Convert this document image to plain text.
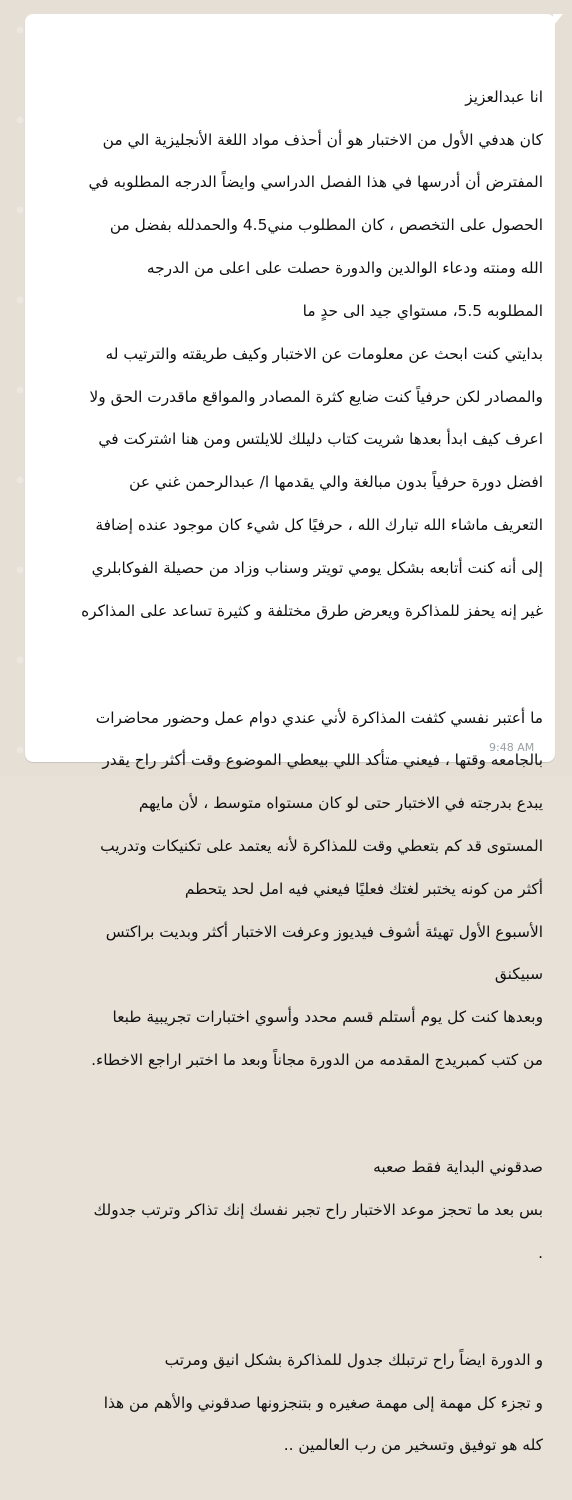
انا عبدالعزيز

كان هدفي الأول من الاختبار هو أن أحذف مواد اللغة الأنجليزية الي من

المفترض أن أدرسها في هذا الفصل الدراسي وايضاً الدرجه المطلوبه في

الحصول على التخصص ، كان المطلوب مني4.5 والحمدلله بفضل من

الله ومنته ودعاء الوالدين والدورة حصلت على اعلى من الدرجه

المطلوبه 5.5، مستواي جيد الى حدٍ ما

بدايتي كنت ابحث عن معلومات عن الاختبار وكيف طريقته والترتيب له

والمصادر لكن حرفياً كنت ضايع كثرة المصادر والمواقع ماقدرت الحق ولا

اعرف كيف ابدأ بعدها شريت كتاب دليلك للايلتس ومن هنا اشتركت في

افضل دورة حرفياً بدون مبالغة والي يقدمها ا/ عبدالرحمن غني عن

التعريف ماشاء الله تبارك الله ، حرفيًا كل شيء كان موجود عنده إضافة

إلى أنه كنت أتابعه بشكل يومي تويتر وسناب وزاد من حصيلة الفوكابلري

غير إنه يحفز للمذاكرة ويعرض طرق مختلفة و كثيرة تساعد على المذاكره

ما أعتبر نفسي كثفت المذاكرة لأني عندي دوام عمل وحضور محاضرات

بالجامعه وقتها ، فيعني متأكد اللي بيعطي الموضوع وقت أكثر راح يقدر

يبدع بدرجته في الاختبار حتى لو كان مستواه متوسط ، لأن مايهم

المستوى قد كم بتعطي وقت للمذاكرة لأنه يعتمد على تكنيكات وتدريب

أكثر من كونه يختبر لغتك فعليًا فيعني فيه امل لحد يتحطم

الأسبوع الأول تهيئة أشوف فيديوز وعرفت الاختبار أكثر وبديت براكتس

سبيكنق

وبعدها كنت كل يوم أستلم قسم محدد وأسوي اختبارات تجريبية طبعا

من كتب كمبريدج المقدمه من الدورة مجاناً وبعد ما اختبر اراجع الاخطاء.

صدقوني البداية فقط صعبه

بس بعد ما تحجز موعد الاختبار راح تجبر نفسك إنك تذاكر وترتب جدولك

.

و الدورة ايضاً راح ترتبلك جدول للمذاكرة بشكل انيق ومرتب

و تجزء كل مهمة إلى مهمة صغيره و بتنجزونها صدقوني والأهم من هذا

كله هو توفيق وتسخير من رب العالمين ..

9:48 AM
